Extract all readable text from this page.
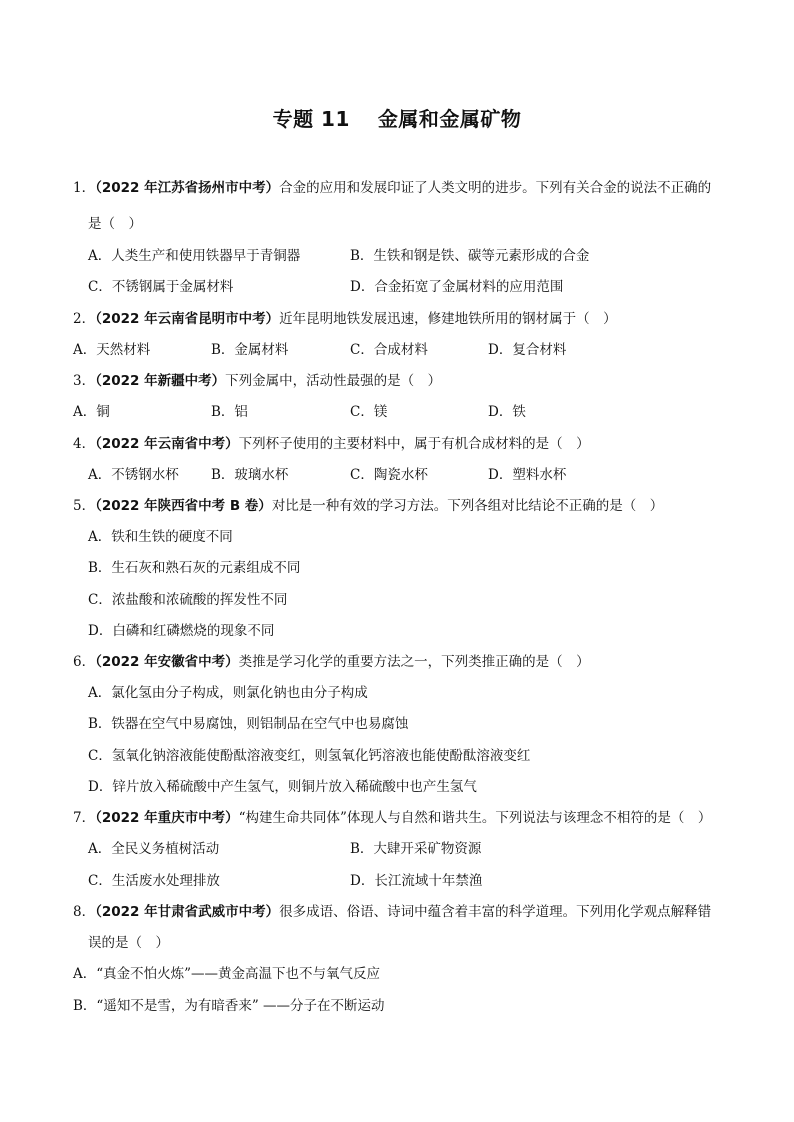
专题 11 金属和金属矿物
1．（2022 年江苏省扬州市中考）合金的应用和发展印证了人类文明的进步。下列有关合金的说法不正确的
是（　）
A．人类生产和使用铁器早于青铜器	B．生铁和钢是铁、碳等元素形成的合金
C．不锈钢属于金属材料	D．合金拓宽了金属材料的应用范围
2．（2022 年云南省昆明市中考）近年昆明地铁发展迅速，修建地铁所用的钢材属于（　）
A．天然材料	B．金属材料	C．合成材料	D．复合材料
3．（2022 年新疆中考）下列金属中，活动性最强的是（　）
A．铜	B．铝	C．镁	D．铁
4．（2022 年云南省中考）下列杯子使用的主要材料中，属于有机合成材料的是（　）
A．不锈钢水杯 B．玻璃水杯	C．陶瓷水杯	D．塑料水杯
5．（2022 年陕西省中考 B 卷）对比是一种有效的学习方法。下列各组对比结论不正确的是（　）
A．铁和生铁的硬度不同
B．生石灰和熟石灰的元素组成不同
C．浓盐酸和浓硫酸的挥发性不同
D．白磷和红磷燃烧的现象不同
6．（2022 年安徽省中考）类推是学习化学的重要方法之一，下列类推正确的是（　）
A．氯化氢由分子构成，则氯化钠也由分子构成
B．铁器在空气中易腐蚀，则铝制品在空气中也易腐蚀
C．氢氧化钠溶液能使酚酞溶液变红，则氢氧化钙溶液也能使酚酞溶液变红
D．锌片放入稀硫酸中产生氢气，则铜片放入稀硫酸中也产生氢气
7．（2022 年重庆市中考）“构建生命共同体”体现人与自然和谐共生。下列说法与该理念不相符的是（　）
A．全民义务植树活动	B．大肆开采矿物资源
C．生活废水处理排放	D．长江流域十年禁渔
8．（2022 年甘肃省武威市中考）很多成语、俗语、诗词中蕴含着丰富的科学道理。下列用化学观点解释错
误的是（　）
A．“真金不怕火炼”——黄金高温下也不与氧气反应
B．“遥知不是雪，为有暗香来” ——分子在不断运动
